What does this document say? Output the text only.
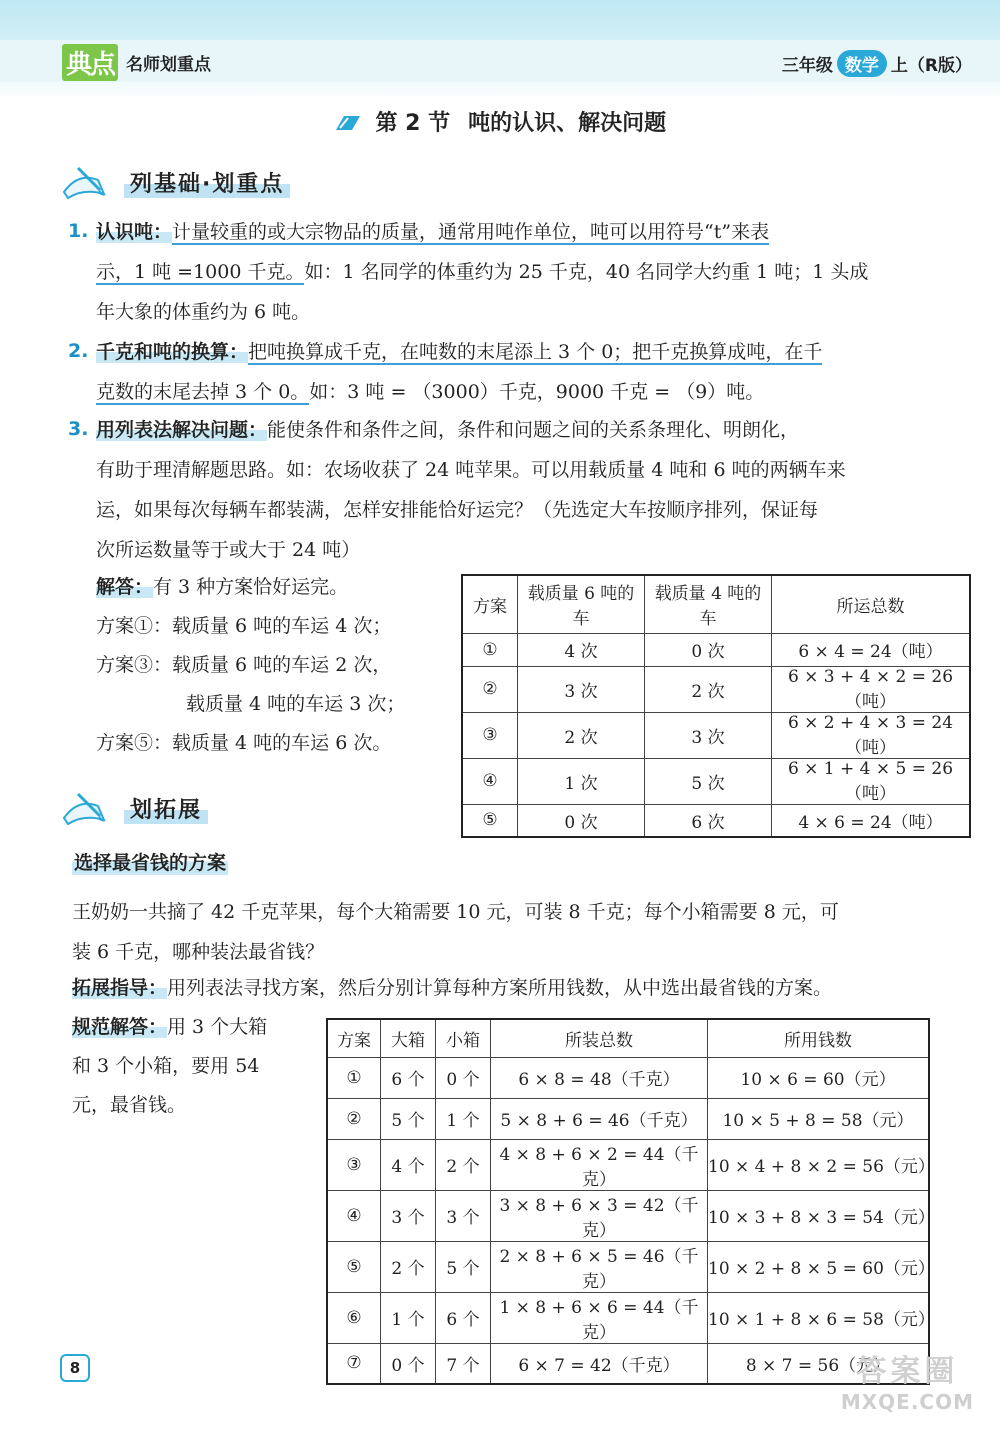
典点 名师划重点	三年级 数学 上（R版）
第 2 节 吨的认识、解决问题
列基础·划重点
1. 认识吨：计量较重的或大宗物品的质量，通常用吨作单位，吨可以用符号“t”来表
示，1 吨 =1000 千克。如：1 名同学的体重约为 25 千克，40 名同学大约重 1 吨；1 头成
年大象的体重约为 6 吨。
2. 千克和吨的换算：把吨换算成千克，在吨数的末尾添上 3 个 0；把千克换算成吨，在千
克数的末尾去掉 3 个 0。如：3 吨 = （3000）千克，9000 千克 = （9）吨。
3. 用列表法解决问题：能使条件和条件之间，条件和问题之间的关系条理化、明朗化，
有助于理清解题思路。如：农场收获了 24 吨苹果。可以用载质量 4 吨和 6 吨的两辆车来
运，如果每次每辆车都装满，怎样安排能恰好运完？（先选定大车按顺序排列，保证每
次所运数量等于或大于 24 吨）
解答：有 3 种方案恰好运完。
方案①：载质量 6 吨的车运 4 次；
方案③：载质量 6 吨的车运 2 次，
载质量 4 吨的车运 3 次；
方案⑤：载质量 4 吨的车运 6 次。
方案	载质量 6 吨的车	载质量 4 吨的车	所运总数
①	4 次	0 次	6 × 4 = 24（吨）
②	3 次	2 次	6 × 3 + 4 × 2 = 26（吨）
③	2 次	3 次	6 × 2 + 4 × 3 = 24（吨）
④	1 次	5 次	6 × 1 + 4 × 5 = 26（吨）
⑤	0 次	6 次	4 × 6 = 24（吨）
划拓展
选择最省钱的方案
王奶奶一共摘了 42 千克苹果，每个大箱需要 10 元，可装 8 千克；每个小箱需要 8 元，可
装 6 千克，哪种装法最省钱？
拓展指导：用列表法寻找方案，然后分别计算每种方案所用钱数，从中选出最省钱的方案。
规范解答：用 3 个大箱
和 3 个小箱，要用 54
元，最省钱。
方案	大箱	小箱	所装总数	所用钱数
①	6 个	0 个	6 × 8 = 48（千克）	10 × 6 = 60（元）
②	5 个	1 个	5 × 8 + 6 = 46（千克）	10 × 5 + 8 = 58（元）
③	4 个	2 个	4 × 8 + 6 × 2 = 44（千克）	10 × 4 + 8 × 2 = 56（元）
④	3 个	3 个	3 × 8 + 6 × 3 = 42（千克）	10 × 3 + 8 × 3 = 54（元）
⑤	2 个	5 个	2 × 8 + 6 × 5 = 46（千克）	10 × 2 + 8 × 5 = 60（元）
⑥	1 个	6 个	1 × 8 + 6 × 6 = 44（千克）	10 × 1 + 8 × 6 = 58（元）
⑦	0 个	7 个	6 × 7 = 42（千克）	8 × 7 = 56（元）
8	答案圈
MXQE.COM
